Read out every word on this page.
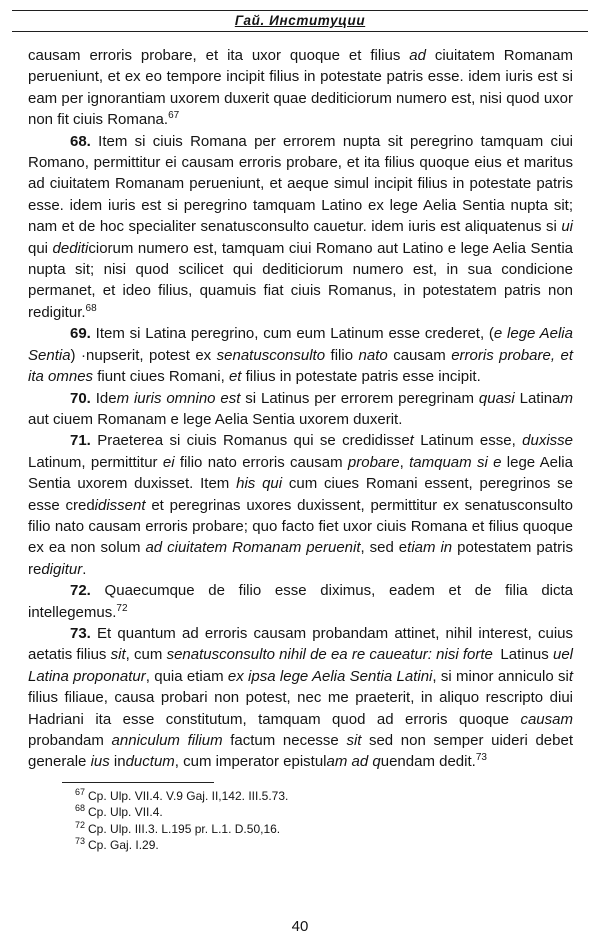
Гай. Институции

causam erroris probare, et ita uxor quoque et filius ad ciuitatem Romanam perueniunt, et ex eo tempore incipit filius in potestate patris esse. idem iuris est si eam per ignorantiam uxorem duxerit quae dediticiorum numero est, nisi quod uxor non fit ciuis Romana.$^{67}$

68. Item si ciuis Romana per errorem nupta sit peregrino tamquam ciui Romano, permittitur ei causam erroris probare, et ita filius quoque eius et maritus ad ciuitatem Romanam perueniunt, et aeque simul incipit filius in potestate patris esse. idem iuris est si peregrino tamquam Latino ex lege Aelia Sentia nupta sit; nam et de hoc specialiter senatusconsulto cauetur. idem iuris est aliquatenus si ui qui dediticiorum numero est, tamquam ciui Romano aut Latino e lege Aelia Sentia nupta sit; nisi quod scilicet qui dediticiorum numero est, in sua condicione permanet, et ideo filius, quamuis fiat ciuis Romanus, in potestatem patris non redigitur.$^{68}$

69. Item si Latina peregrino, cum eum Latinum esse crederet, (e lege Aelia Sentia) ·nupserit, potest ex senatusconsulto filio nato causam erroris probare, et ita omnes fiunt ciues Romani, et filius in potestate patris esse incipit.

70. Idem iuris omnino est si Latinus per errorem peregrinam quasi Latinam aut ciuem Romanam e lege Aelia Sentia uxorem duxerit.

71. Praeterea si ciuis Romanus qui se credidisset Latinum esse, duxisse Latinum, permittitur ei filio nato erroris causam probare, tamquam si e lege Aelia Sentia uxorem duxisset. Item his qui cum ciues Romani essent, peregrinos se esse credidissent et peregrinas uxores duxissent, permittitur ex senatusconsulto filio nato causam erroris probare; quo facto fiet uxor ciuis Romana et filius quoque ex ea non solum ad ciuitatem Romanam peruenit, sed etiam in potestatem patris redigitur.

72. Quaecumque de filio esse diximus, eadem et de filia dicta intellegemus.$^{72}$

73. Et quantum ad erroris causam probandam attinet, nihil interest, cuius aetatis filius sit, cum senatusconsulto nihil de ea re caueatur: nisi forte Latinus uel Latina proponatur, quia etiam ex ipsa lege Aelia Sentia Latini, si minor anniculo sit filius filiaue, causa probari non potest, nec me praeterit, in aliquo rescripto diui Hadriani ita esse constitutum, tamquam quod ad erroris quoque causam probandam anniculum filium factum necesse sit sed non semper uideri debet generale ius inductum, cum imperator epistulam ad quendam dedit.$^{73}$

$^{67}$ Cp. Ulp. VII.4. V.9 Gaj. II,142. III.5.73.
$^{68}$ Cp. Ulp. VII.4.
$^{72}$ Cp. Ulp. III.3. L.195 pr. L.1. D.50,16.
$^{73}$ Cp. Gaj. I.29.
40
